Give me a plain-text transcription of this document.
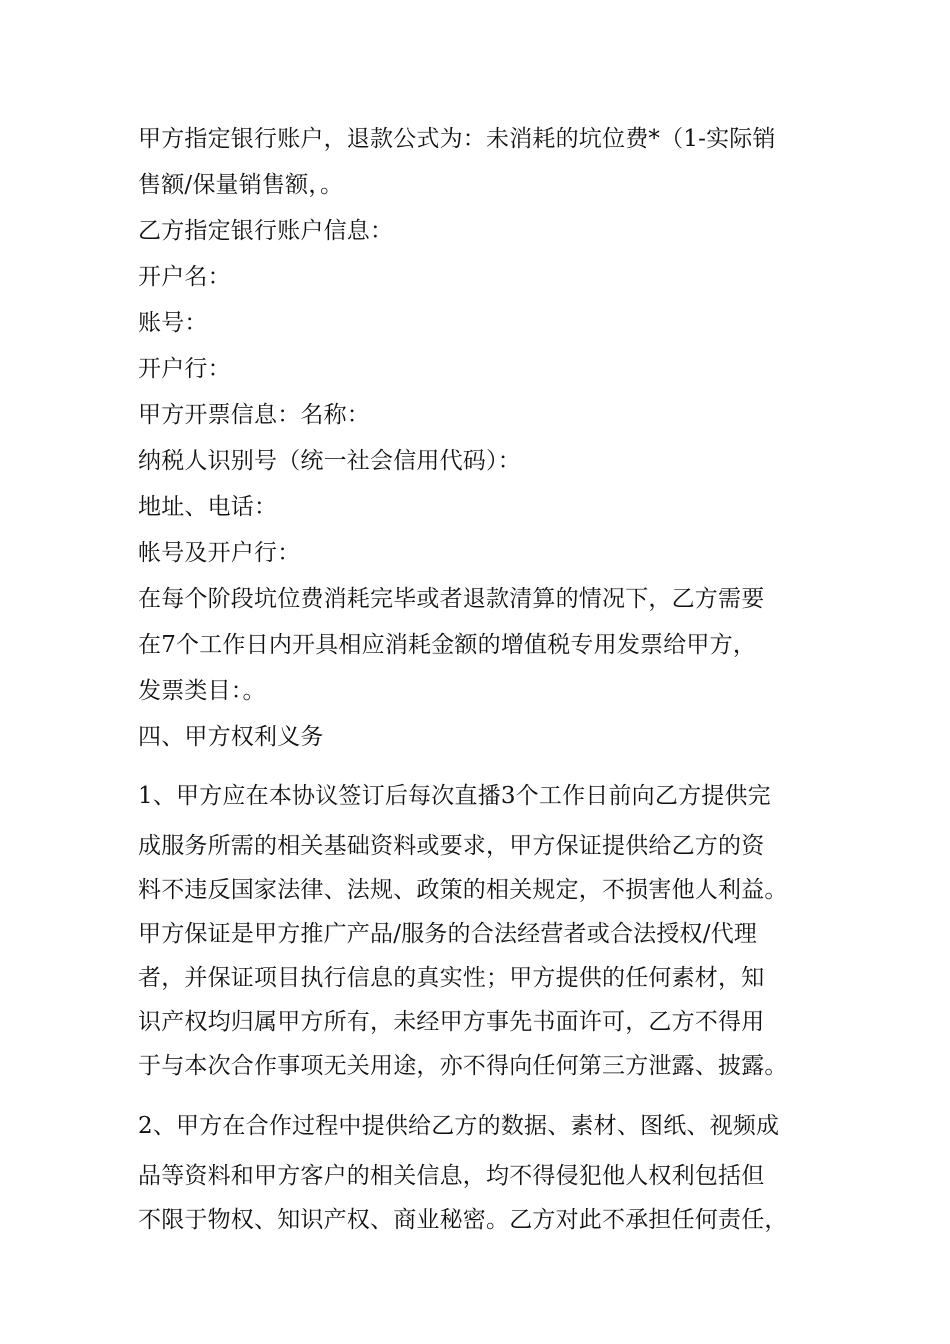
甲方指定银行账户，退款公式为：未消耗的坑位费*（1-实际销
售额/保量销售额，。
乙方指定银行账户信息：
开户名：
账号：
开户行：
甲方开票信息：名称：
纳税人识别号（统一社会信用代码）：
地址、电话：
帐号及开户行：
在每个阶段坑位费消耗完毕或者退款清算的情况下，乙方需要
在7个工作日内开具相应消耗金额的增值税专用发票给甲方，
发票类目：。
四、甲方权利义务
1、甲方应在本协议签订后每次直播3个工作日前向乙方提供完
成服务所需的相关基础资料或要求，甲方保证提供给乙方的资
料不违反国家法律、法规、政策的相关规定，不损害他人利益。
甲方保证是甲方推广产品/服务的合法经营者或合法授权/代理
者，并保证项目执行信息的真实性；甲方提供的任何素材，知
识产权均归属甲方所有，未经甲方事先书面许可，乙方不得用
于与本次合作事项无关用途，亦不得向任何第三方泄露、披露。
2、甲方在合作过程中提供给乙方的数据、素材、图纸、视频成
品等资料和甲方客户的相关信息，均不得侵犯他人权利包括但
不限于物权、知识产权、商业秘密。乙方对此不承担任何责任，
